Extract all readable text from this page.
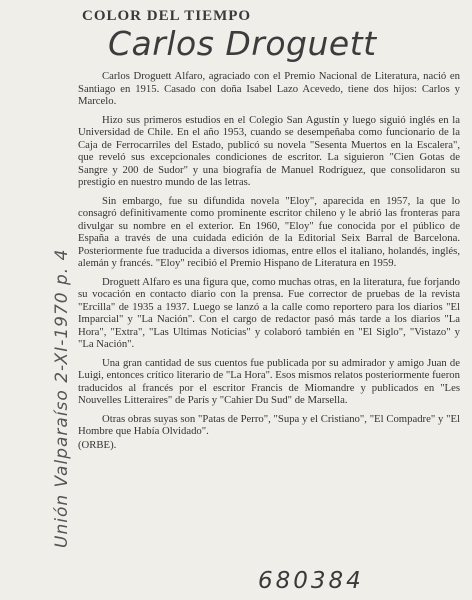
COLOR DEL TIEMPO
Carlos Droguett

Carlos Droguett Alfaro, agraciado con el Premio Nacional de Literatura, nació en Santiago en 1915. Casado con doña Isabel Lazo Acevedo, tiene dos hijos: Carlos y Marcelo.

Hizo sus primeros estudios en el Colegio San Agustín y luego siguió inglés en la Universidad de Chile. En el año 1953, cuando se desempeñaba como funcionario de la Caja de Ferrocarriles del Estado, publicó su novela "Sesenta Muertos en la Escalera", que reveló sus excepcionales condiciones de escritor. La siguieron "Cien Gotas de Sangre y 200 de Sudor" y una biografía de Manuel Rodríguez, que consolidaron su prestigio en nuestro mundo de las letras.

Sin embargo, fue su difundida novela "Eloy", aparecida en 1957, la que lo consagró definitivamente como prominente escritor chileno y le abrió las fronteras para divulgar su nombre en el exterior. En 1960, "Eloy" fue conocida por el público de España a través de una cuidada edición de la Editorial Seix Barral de Barcelona. Posteriormente fue traducida a diversos idiomas, entre ellos el italiano, holandés, inglés, alemán y francés. "Eloy" recibió el Premio Hispano de Literatura en 1959.

Droguett Alfaro es una figura que, como muchas otras, en la literatura, fue forjando su vocación en contacto diario con la prensa. Fue corrector de pruebas de la revista "Ercilla" de 1935 a 1937. Luego se lanzó a la calle como reportero para los diarios "El Imparcial" y "La Nación". Con el cargo de redactor pasó más tarde a los diarios "La Hora", "Extra", "Las Ultimas Noticias" y colaboró también en "El Siglo", "Vistazo" y "La Nación".

Una gran cantidad de sus cuentos fue publicada por su admirador y amigo Juan de Luigi, entonces crítico literario de "La Hora". Esos mismos relatos posteriormente fueron traducidos al francés por el escritor Francis de Miomandre y publicados en "Les Nouvelles Litteraires" de París y "Cahier Du Sud" de Marsella.

Otras obras suyas son "Patas de Perro", "Supa y el Cristiano", "El Compadre" y "El Hombre que Había Olvidado".

(ORBE).
Unión Valparaíso 2-XI-1970 p. 4
680384
